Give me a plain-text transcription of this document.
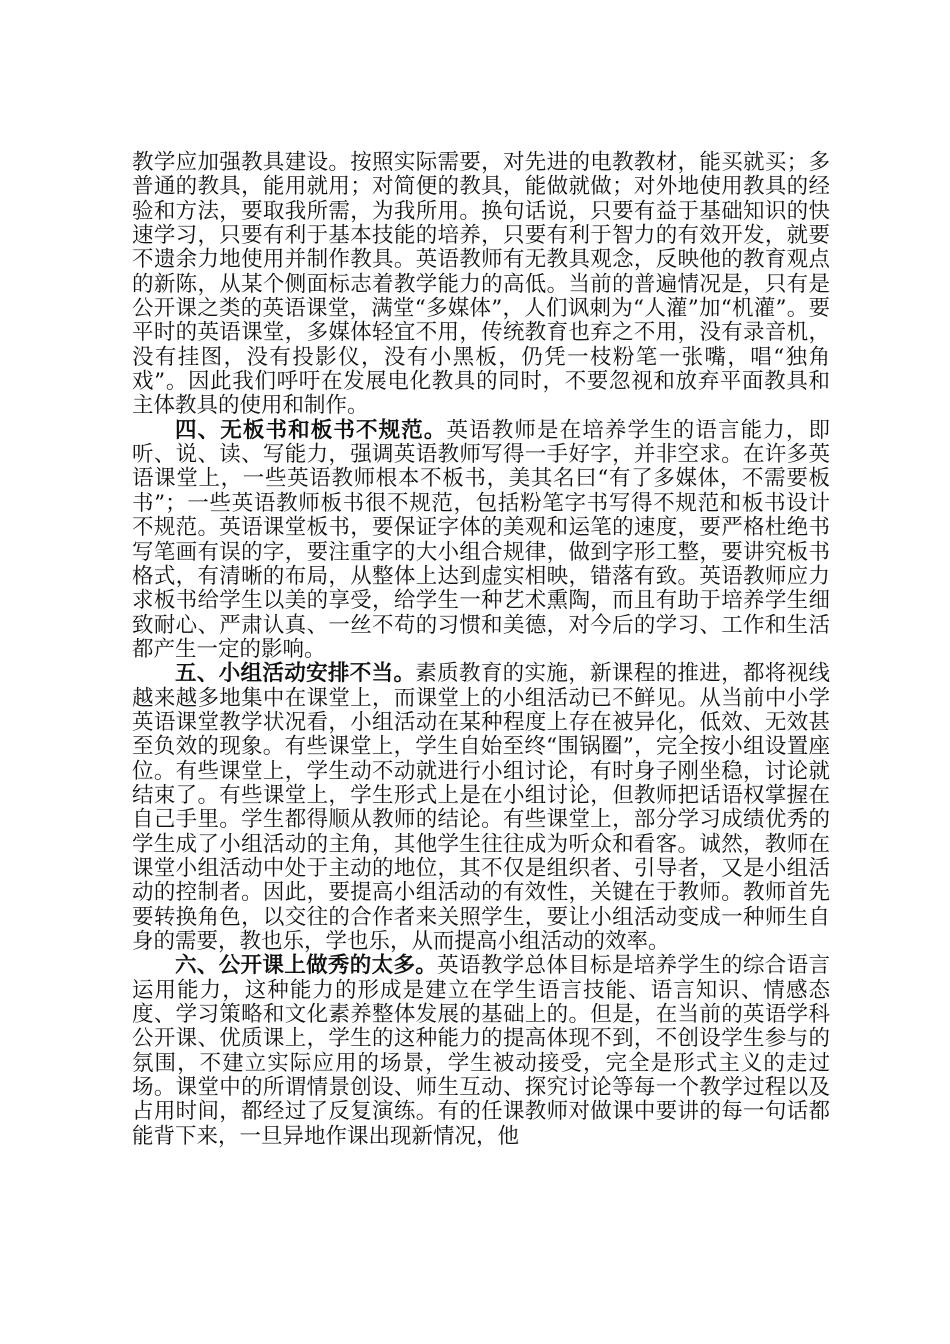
教学应加强教具建设。按照实际需要，对先进的电教教材，能买就买；多普通的教具，能用就用；对简便的教具，能做就做；对外地使用教具的经验和方法，要取我所需，为我所用。换句话说，只要有益于基础知识的快速学习，只要有利于基本技能的培养，只要有利于智力的有效开发，就要不遗余力地使用并制作教具。英语教师有无教具观念，反映他的教育观点的新陈，从某个侧面标志着教学能力的高低。当前的普遍情况是，只有是公开课之类的英语课堂，满堂“多媒体”，人们讽刺为“人灌”加“机灌”。要平时的英语课堂，多媒体轻宜不用，传统教育也弃之不用，没有录音机，没有挂图，没有投影仪，没有小黑板，仍凭一枝粉笔一张嘴，唱“独角戏”。因此我们呼吁在发展电化教具的同时，不要忽视和放弃平面教具和主体教具的使用和制作。

四、无板书和板书不规范。英语教师是在培养学生的语言能力，即听、说、读、写能力，强调英语教师写得一手好字，并非空求。在许多英语课堂上，一些英语教师根本不板书，美其名曰“有了多媒体，不需要板书”；一些英语教师板书很不规范，包括粉笔字书写得不规范和板书设计不规范。英语课堂板书，要保证字体的美观和运笔的速度，要严格杜绝书写笔画有误的字，要注重字的大小组合规律，做到字形工整，要讲究板书格式，有清晰的布局，从整体上达到虚实相映，错落有致。英语教师应力求板书给学生以美的享受，给学生一种艺术熏陶，而且有助于培养学生细致耐心、严肃认真、一丝不苟的习惯和美德，对今后的学习、工作和生活都产生一定的影响。

五、小组活动安排不当。素质教育的实施，新课程的推进，都将视线越来越多地集中在课堂上，而课堂上的小组活动已不鲜见。从当前中小学英语课堂教学状况看，小组活动在某种程度上存在被异化，低效、无效甚至负效的现象。有些课堂上，学生自始至终“围锅圈”，完全按小组设置座位。有些课堂上，学生动不动就进行小组讨论，有时身子刚坐稳，讨论就结束了。有些课堂上，学生形式上是在小组讨论，但教师把话语权掌握在自己手里。学生都得顺从教师的结论。有些课堂上，部分学习成绩优秀的学生成了小组活动的主角，其他学生往往成为听众和看客。诚然，教师在课堂小组活动中处于主动的地位，其不仅是组织者、引导者，又是小组活动的控制者。因此，要提高小组活动的有效性，关键在于教师。教师首先要转换角色，以交往的合作者来关照学生，要让小组活动变成一种师生自身的需要，教也乐，学也乐，从而提高小组活动的效率。

六、公开课上做秀的太多。英语教学总体目标是培养学生的综合语言运用能力，这种能力的形成是建立在学生语言技能、语言知识、情感态度、学习策略和文化素养整体发展的基础上的。但是，在当前的英语学科公开课、优质课上，学生的这种能力的提高体现不到，不创设学生参与的氛围，不建立实际应用的场景，学生被动接受，完全是形式主义的走过场。课堂中的所谓情景创设、师生互动、探究讨论等每一个教学过程以及占用时间，都经过了反复演练。有的任课教师对做课中要讲的每一句话都能背下来，一旦异地作课出现新情况，他
